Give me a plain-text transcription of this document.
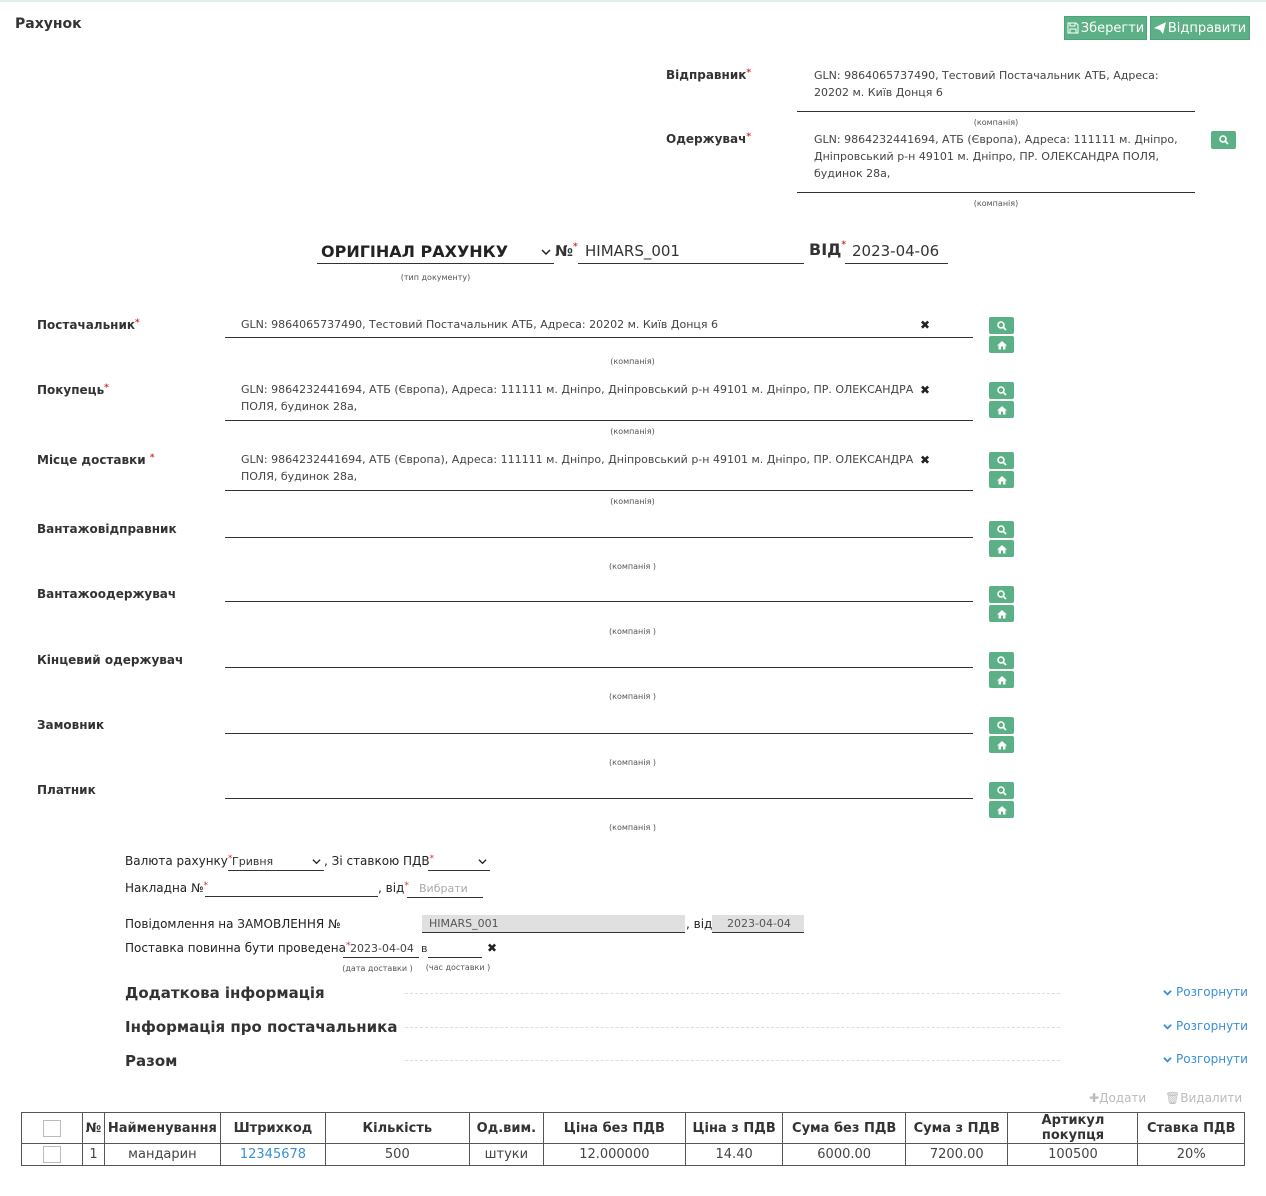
Рахунок	Зберегти Відправити
Відправник*	GLN: 9864065737490, Тестовий Постачальник АТБ, Адреса: 20202 м. Київ Донця 6
(компанія)
Одержувач*	GLN: 9864232441694, АТБ (Європа), Адреса: 111111 м. Дніпро, Дніпровський р-н 49101 м. Дніпро, ПР. ОЛЕКСАНДРА ПОЛЯ, будинок 28а,
(компанія)
ОРИГІНАЛ РАХУНКУ
(тип документу)
№* HIMARS_001	ВІД* 2023-04-06
Постачальник*	GLN: 9864065737490, Тестовий Постачальник АТБ, Адреса: 20202 м. Київ Донця 6	✖
(компанія)
Покупець*	GLN: 9864232441694, АТБ (Європа), Адреса: 111111 м. Дніпро, Дніпровський р-н 49101 м. Дніпро, ПР. ОЛЕКСАНДРА ПОЛЯ, будинок 28а,
✖
(компанія)
Місце доставки *	GLN: 9864232441694, АТБ (Європа), Адреса: 111111 м. Дніпро, Дніпровський р-н 49101 м. Дніпро, ПР. ОЛЕКСАНДРА ПОЛЯ, будинок 28а,
✖
(компанія)
Вантажовідправник
(компанія )
Вантажоодержувач
(компанія )
Кінцевий одержувач
(компанія )
Замовник
(компанія )
Платник
(компанія )
Валюта рахунку* Гривня	, Зі ставкою ПДВ*
Накладна №*	, від* Вибрати
Повідомлення на ЗАМОВЛЕННЯ №	HIMARS_001	, від	2023-04-04
Поставка повинна бути проведена* 2023-04-04 в	✖
(дата доставки )	(час доставки )
Додаткова інформація	Розгорнути
Інформація про постачальника	Розгорнути
Разом	Розгорнути
✚Додати 🗑Видалити
	№	Найменування	Штрихкод	Кількість	Од.вим.	Ціна без ПДВ	Ціна з ПДВ	Сума без ПДВ	Сума з ПДВ	Артикул покупця	Ставка ПДВ
	1	мандарин	12345678	500	штуки	12.000000	14.40	6000.00	7200.00	100500	20%
